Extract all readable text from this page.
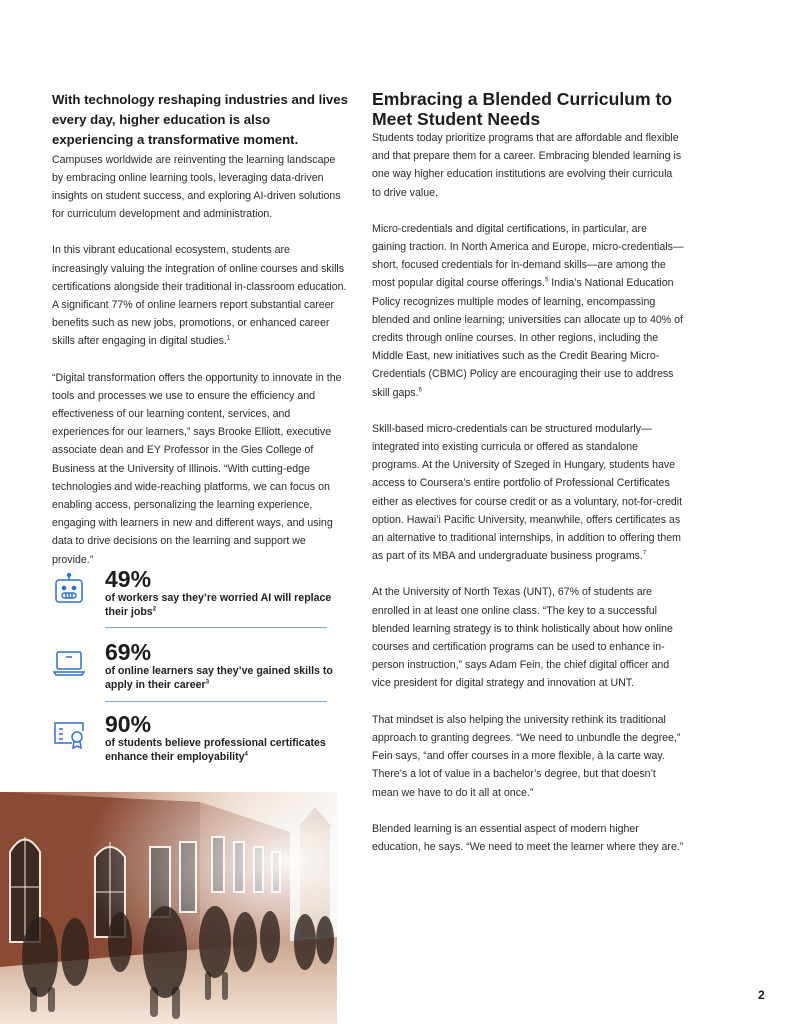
With technology reshaping industries and lives every day, higher education is also experiencing a transformative moment. Campuses worldwide are reinventing the learning landscape by embracing online learning tools, leveraging data-driven insights on student success, and exploring AI-driven solutions for curriculum development and administration.

In this vibrant educational ecosystem, students are increasingly valuing the integration of online courses and skills certifications alongside their traditional in-classroom education. A significant 77% of online learners report substantial career benefits such as new jobs, promotions, or enhanced career skills after engaging in digital studies.$^1$

“Digital transformation offers the opportunity to innovate in the tools and processes we use to ensure the efficiency and effectiveness of our learning content, services, and experiences for our learners,” says Brooke Elliott, executive associate dean and EY Professor in the Gies College of Business at the University of Illinois. “With cutting-edge technologies and wide-reaching platforms, we can focus on enabling access, personalizing the learning experience, engaging with learners in new and different ways, and using data to drive decisions on the learning and support we provide.”

49%
of workers say they’re worried AI will replace their jobs$^2$
69%
of online learners say they’ve gained skills to apply in their career$^3$
90%
of students believe professional certificates enhance their employability$^4$
Embracing a Blended Curriculum to Meet Student Needs

Students today prioritize programs that are affordable and flexible and that prepare them for a career. Embracing blended learning is one way higher education institutions are evolving their curricula to drive value.

Micro-credentials and digital certifications, in particular, are gaining traction. In North America and Europe, micro-credentials—short, focused credentials for in-demand skills—are among the most popular digital course offerings.$^5$ India’s National Education Policy recognizes multiple modes of learning, encompassing blended and online learning; universities can allocate up to 40% of credits through online courses. In other regions, including the Middle East, new initiatives such as the Credit Bearing Micro-Credentials (CBMC) Policy are encouraging their use to address skill gaps.$^6$

Skill-based micro-credentials can be structured modularly—integrated into existing curricula or offered as standalone programs. At the University of Szeged in Hungary, students have access to Coursera’s entire portfolio of Professional Certificates either as electives for course credit or as a voluntary, not-for-credit option. Hawai’i Pacific University, meanwhile, offers certificates as an alternative to traditional internships, in addition to offering them as part of its MBA and undergraduate business programs.$^7$

At the University of North Texas (UNT), 67% of students are enrolled in at least one online class. “The key to a successful blended learning strategy is to think holistically about how online courses and certification programs can be used to enhance in-person instruction,” says Adam Fein, the chief digital officer and vice president for digital strategy and innovation at UNT.

That mindset is also helping the university rethink its traditional approach to granting degrees. “We need to unbundle the degree,” Fein says, “and offer courses in a more flexible, à la carte way. There’s a lot of value in a bachelor’s degree, but that doesn’t mean we have to do it all at once.”

Blended learning is an essential aspect of modern higher education, he says. “We need to meet the learner where they are.”

2
